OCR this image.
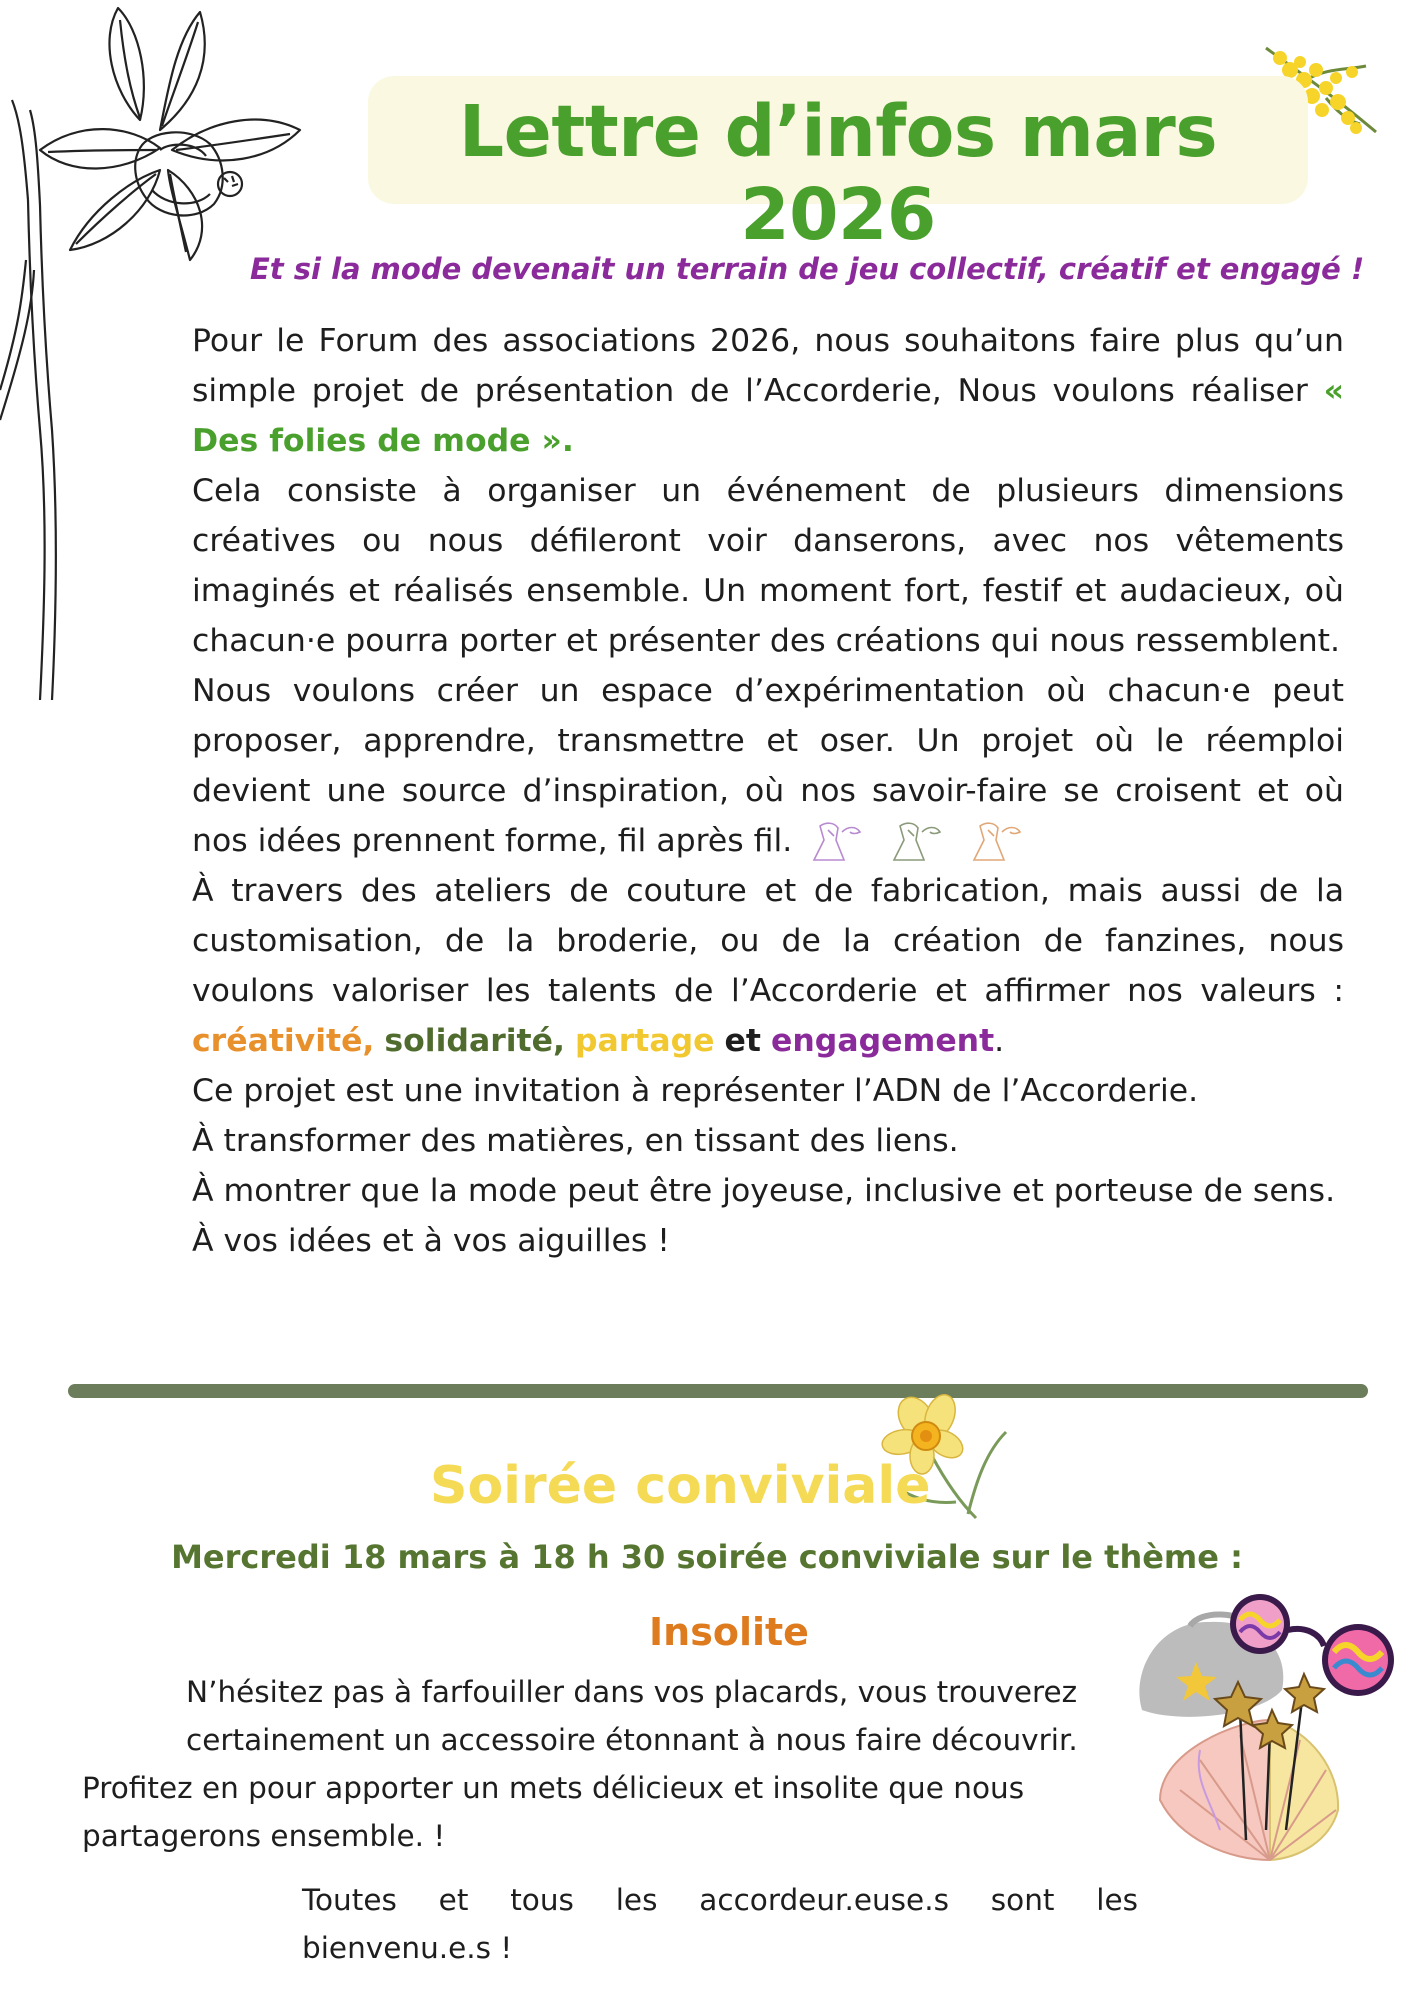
Lettre d’infos mars 2026
Et si la mode devenait un terrain de jeu collectif, créatif et engagé !

Pour le Forum des associations 2026, nous souhaitons faire plus qu’un simple projet de présentation de l’Accorderie, Nous voulons réaliser « Des folies de mode ».

Cela consiste à organiser un événement de plusieurs dimensions créatives ou nous défileront voir danserons, avec nos vêtements imaginés et réalisés ensemble. Un moment fort, festif et audacieux, où chacun·e pourra porter et présenter des créations qui nous ressemblent.

Nous voulons créer un espace d’expérimentation où chacun·e peut proposer, apprendre, transmettre et oser. Un projet où le réemploi devient une source d’inspiration, où nos savoir-faire se croisent et où nos idées prennent forme, fil après fil.

À travers des ateliers de couture et de fabrication, mais aussi de la customisation, de la broderie, ou de la création de fanzines, nous voulons valoriser les talents de l’Accorderie et affirmer nos valeurs : créativité, solidarité, partage et engagement.

Ce projet est une invitation à représenter l’ADN de l’Accorderie.

À transformer des matières, en tissant des liens.

À montrer que la mode peut être joyeuse, inclusive et porteuse de sens.

À vos idées et à vos aiguilles !

Soirée conviviale
Mercredi 18 mars à 18 h 30 soirée conviviale sur le thème :
Insolite

N’hésitez pas à farfouiller dans vos placards, vous trouverez certainement un accessoire étonnant à nous faire découvrir.

Profitez en pour apporter un mets délicieux et insolite que nous partagerons ensemble. !

Toutes et tous les accordeur.euse.s sont les bienvenu.e.s !
